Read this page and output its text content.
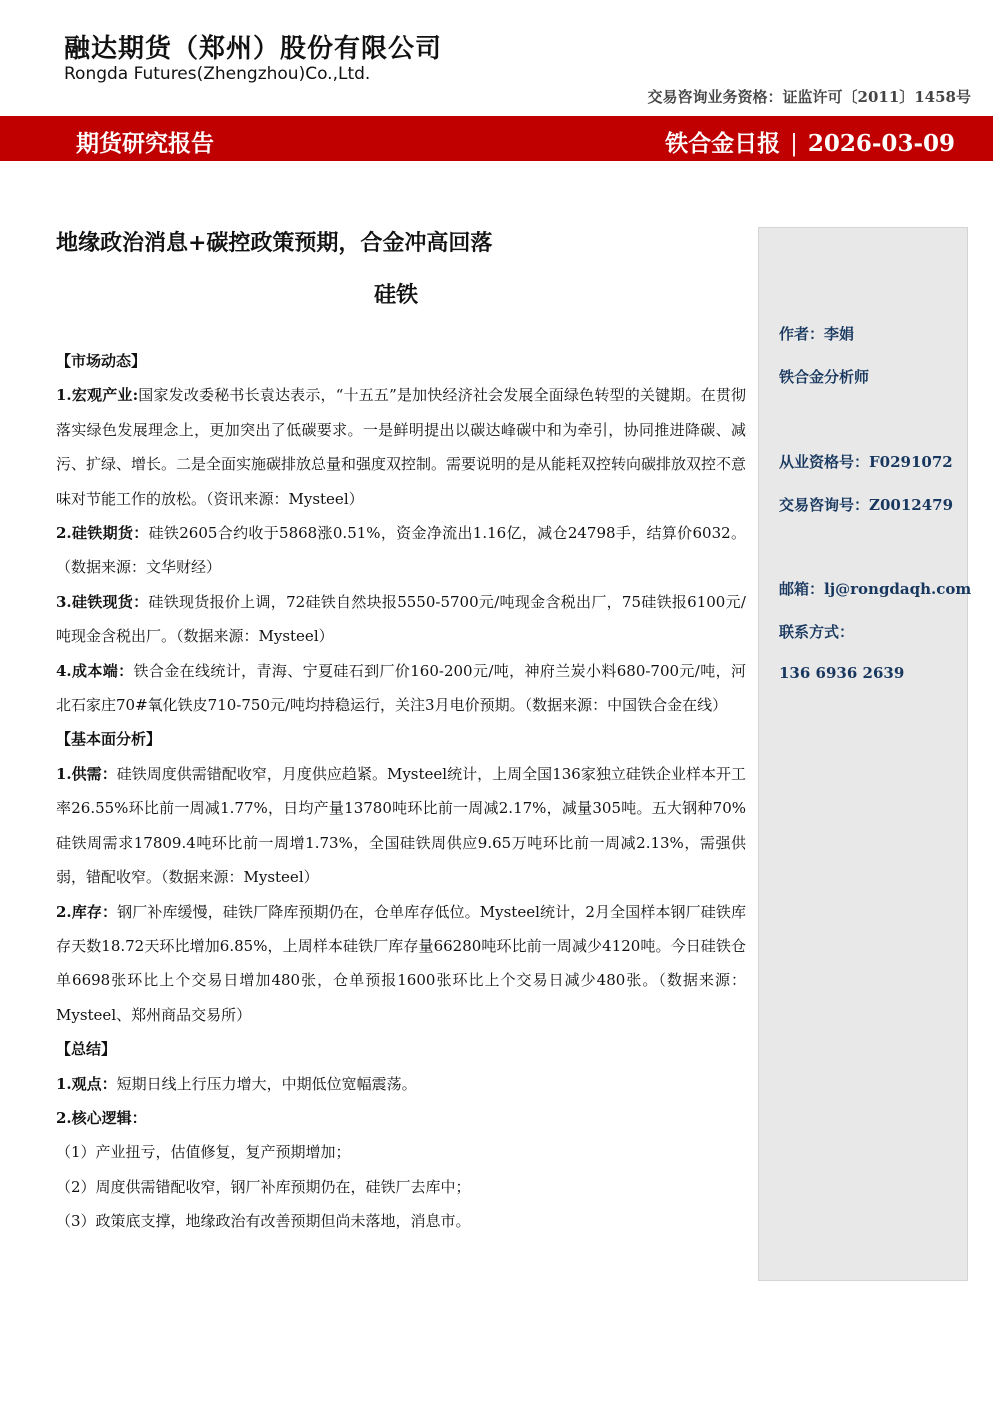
融达期货（郑州）股份有限公司
Rongda Futures(Zhengzhou)Co.,Ltd.
交易咨询业务资格：证监许可〔2011〕1458号
期货研究报告	铁合金日报 | 2026-03-09
地缘政治消息+碳控政策预期，合金冲高回落
硅铁

【市场动态】

1.宏观产业:国家发改委秘书长袁达表示，“十五五”是加快经济社会发展全面绿色转型的关键期。在贯彻落实绿色发展理念上，更加突出了低碳要求。一是鲜明提出以碳达峰碳中和为牵引，协同推进降碳、减污、扩绿、增长。二是全面实施碳排放总量和强度双控制。需要说明的是从能耗双控转向碳排放双控不意味对节能工作的放松。（资讯来源：Mysteel）

2.硅铁期货：硅铁2605合约收于5868涨0.51%，资金净流出1.16亿，减仓24798手，结算价6032。（数据来源：文华财经）

3.硅铁现货：硅铁现货报价上调，72硅铁自然块报5550-5700元/吨现金含税出厂，75硅铁报6100元/吨现金含税出厂。（数据来源：Mysteel）

4.成本端：铁合金在线统计，青海、宁夏硅石到厂价160-200元/吨，神府兰炭小料680-700元/吨，河北石家庄70#氧化铁皮710-750元/吨均持稳运行，关注3月电价预期。（数据来源：中国铁合金在线）

【基本面分析】

1.供需：硅铁周度供需错配收窄，月度供应趋紧。Mysteel统计，上周全国136家独立硅铁企业样本开工率26.55%环比前一周减1.77%，日均产量13780吨环比前一周减2.17%，减量305吨。五大钢种70%硅铁周需求17809.4吨环比前一周增1.73%，全国硅铁周供应9.65万吨环比前一周减2.13%，需强供弱，错配收窄。（数据来源：Mysteel）

2.库存：钢厂补库缓慢，硅铁厂降库预期仍在，仓单库存低位。Mysteel统计，2月全国样本钢厂硅铁库存天数18.72天环比增加6.85%，上周样本硅铁厂库存量66280吨环比前一周减少4120吨。今日硅铁仓单6698张环比上个交易日增加480张，仓单预报1600张环比上个交易日减少480张。（数据来源：Mysteel、郑州商品交易所）

【总结】

1.观点：短期日线上行压力增大，中期低位宽幅震荡。

2.核心逻辑：

（1）产业扭亏，估值修复，复产预期增加；

（2）周度供需错配收窄，钢厂补库预期仍在，硅铁厂去库中；

（3）政策底支撑，地缘政治有改善预期但尚未落地，消息市。

作者：李娟
铁合金分析师
从业资格号：F0291072
交易咨询号：Z0012479
邮箱：lj@rongdaqh.com
联系方式：
136 6936 2639
